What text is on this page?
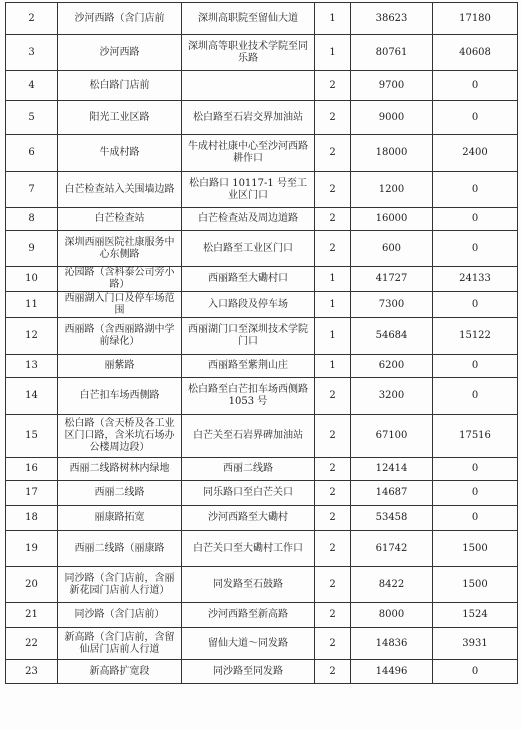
2	沙河西路（含门店前	深圳高职院至留仙大道	1	38623	17180
3	沙河西路	深圳高等职业技术学院至同乐路	1	80761	40608
4	松白路门店前		2	9700	0
5	阳光工业区路	松白路至石岩交界加油站	2	9000	0
6	牛成村路	牛成村社康中心至沙河西路耕作口	2	18000	2400
7	白芒检查站入关围墙边路	松白路口 10117-1 号至工业区门口	2	1200	0
8	白芒检查站	白芒检查站及周边道路	2	16000	0
9	深圳西丽医院社康服务中心东侧路	松白路至工业区门口	2	600	0
10	沁园路（含科泰公司旁小路）	西丽路至大磡村口	1	41727	24133
11	西丽湖入门口及停车场范围	入口路段及停车场	1	7300	0
12	西丽路（含西丽路湖中学前绿化）	西丽湖门口至深圳技术学院门口	1	54684	15122
13	丽紫路	西丽路至紫荆山庄	1	6200	0
14	白芒扣车场西侧路	松白路至白芒扣车场西侧路 1053 号	2	3200	0
15	松白路（含天桥及各工业区门口路，含米坑石场办公楼周边段）	白芒关至石岩界碑加油站	2	67100	17516
16	西丽二线路树林内绿地	西丽二线路	2	12414	0
17	西丽二线路	同乐路口至白芒关口	2	14687	0
18	丽康路拓宽	沙河西路至大磡村	2	53458	0
19	西丽二线路（丽康路	白芒关口至大磡村工作口	2	61742	1500
20	同沙路（含门店前，含丽新花园门店前人行道）	同发路至石鼓路	2	8422	1500
21	同沙路（含门店前）	沙河西路至新高路	2	8000	1524
22	新高路（含门店前，含留仙居门店前人行道	留仙大道～同发路	2	14836	3931
23	新高路扩宽段	同沙路至同发路	2	14496	0
